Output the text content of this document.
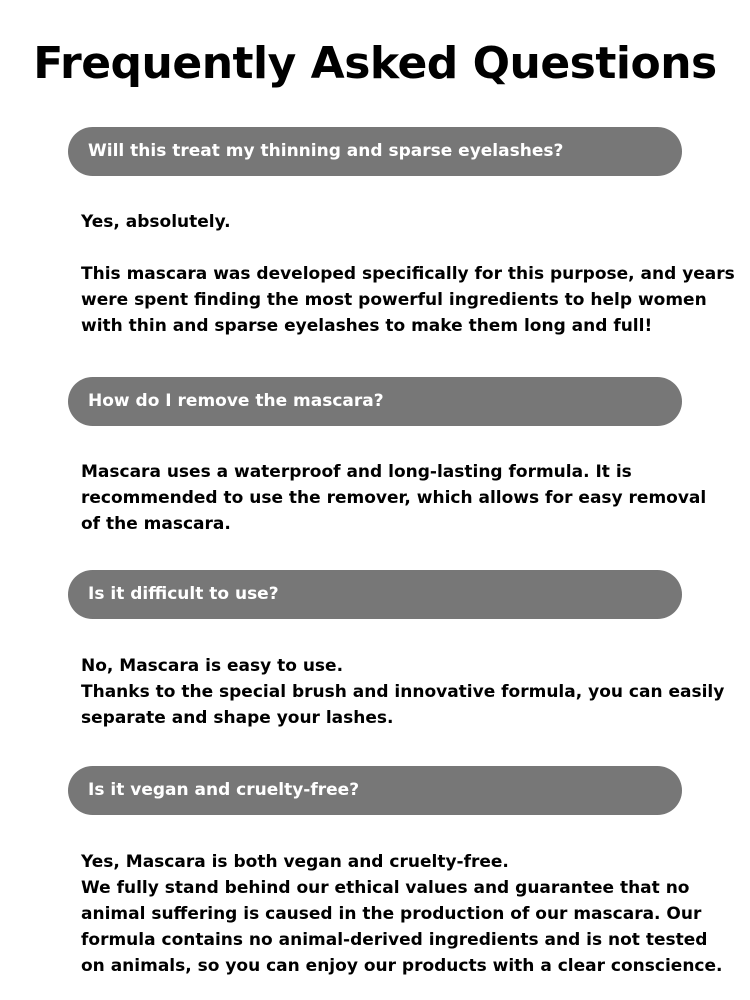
Frequently Asked Questions
Will this treat my thinning and sparse eyelashes?

Yes, absolutely.

This mascara was developed specifically for this purpose, and years

were spent finding the most powerful ingredients to help women

with thin and sparse eyelashes to make them long and full!

How do I remove the mascara?

Mascara uses a waterproof and long-lasting formula. It is

recommended to use the remover, which allows for easy removal

of the mascara.

Is it difficult to use?

No, Mascara is easy to use.

Thanks to the special brush and innovative formula, you can easily

separate and shape your lashes.

Is it vegan and cruelty-free?

Yes, Mascara is both vegan and cruelty-free.

We fully stand behind our ethical values and guarantee that no

animal suffering is caused in the production of our mascara. Our

formula contains no animal-derived ingredients and is not tested

on animals, so you can enjoy our products with a clear conscience.
